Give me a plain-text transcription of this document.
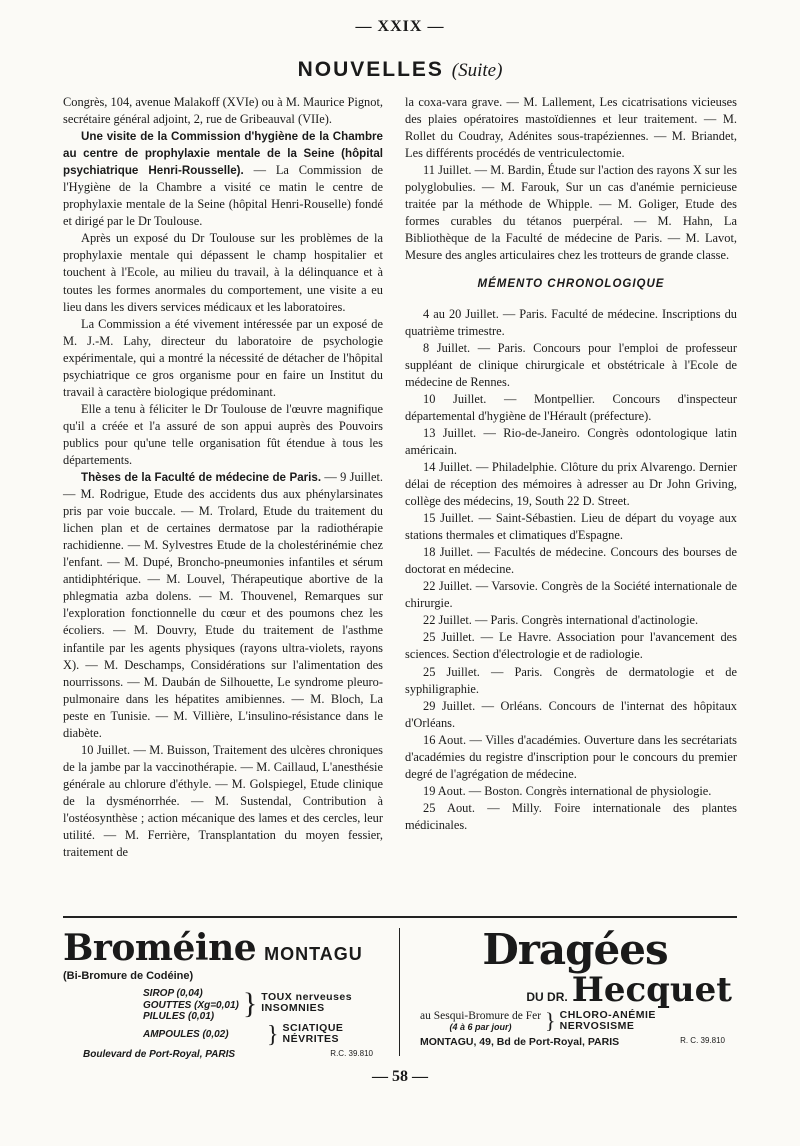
— XXIX —
NOUVELLES (Suite)

Congrès, 104, avenue Malakoff (XVIe) ou à M. Maurice Pignot, secrétaire général adjoint, 2, rue de Gribeauval (VIIe).

Une visite de la Commission d'hygiène de la Chambre au centre de prophylaxie mentale de la Seine (hôpital psychiatrique Henri-Rousselle). — La Commission de l'Hygiène de la Chambre a visité ce matin le centre de prophylaxie mentale de la Seine (hôpital Henri-Rouselle) fondé et dirigé par le Dr Toulouse.

Après un exposé du Dr Toulouse sur les problèmes de la prophylaxie mentale qui dépassent le champ hospitalier et touchent à l'Ecole, au milieu du travail, à la délinquance et à toutes les formes anormales du comportement, une visite a eu lieu dans les divers services médicaux et les laboratoires.

La Commission a été vivement intéressée par un exposé de M. J.-M. Lahy, directeur du laboratoire de psychologie expérimentale, qui a montré la nécessité de détacher de l'hôpital psychiatrique ce gros organisme pour en faire un Institut du travail à caractère biologique prédominant.

Elle a tenu à féliciter le Dr Toulouse de l'œuvre magnifique qu'il a créée et l'a assuré de son appui auprès des Pouvoirs publics pour qu'une telle organisation fût étendue à tous les départements.

Thèses de la Faculté de médecine de Paris. — 9 Juillet. — M. Rodrigue, Etude des accidents dus aux phénylarsinates pris par voie buccale. — M. Trolard, Etude du traitement du lichen plan et de certaines dermatose par la radiothérapie rachidienne. — M. Sylvestres Etude de la cholestérinémie chez l'enfant. — M. Dupé, Broncho-pneumonies infantiles et sérum antidiphtérique. — M. Louvel, Thérapeutique abortive de la phlegmatia azba dolens. — M. Thouvenel, Remarques sur l'exploration fonctionnelle du cœur et des poumons chez les écoliers. — M. Douvry, Etude du traitement de l'asthme infantile par les agents physiques (rayons ultra-violets, rayons X). — M. Deschamps, Considérations sur l'alimentation des nourrissons. — M. Daubán de Silhouette, Le syndrome pleuro-pulmonaire dans les hépatites amibiennes. — M. Bloch, La peste en Tunisie. — M. Villière, L'insulino-résistance dans le diabète.

10 Juillet. — M. Buisson, Traitement des ulcères chroniques de la jambe par la vaccinothérapie. — M. Caillaud, L'anesthésie générale au chlorure d'éthyle. — M. Golspiegel, Etude clinique de la dysménorrhée. — M. Sustendal, Contribution à l'ostéosynthèse ; action mécanique des lames et des cercles, leur utilité. — M. Ferrière, Transplantation du moyen fessier, traitement de

la coxa-vara grave. — M. Lallement, Les cicatrisations vicieuses des plaies opératoires mastoïdiennes et leur traitement. — M. Rollet du Coudray, Adénites sous-trapéziennes. — M. Briandet, Les différents procédés de ventriculectomie.

11 Juillet. — M. Bardin, Étude sur l'action des rayons X sur les polyglobulies. — M. Farouk, Sur un cas d'anémie pernicieuse traitée par la méthode de Whipple. — M. Goliger, Etude des formes curables du tétanos puerpéral. — M. Hahn, La Bibliothèque de la Faculté de médecine de Paris. — M. Lavot, Mesure des angles articulaires chez les trotteurs de grande classe.

MÉMENTO CHRONOLOGIQUE

4 au 20 Juillet. — Paris. Faculté de médecine. Inscriptions du quatrième trimestre.

8 Juillet. — Paris. Concours pour l'emploi de professeur suppléant de clinique chirurgicale et obstétricale à l'Ecole de médecine de Rennes.

10 Juillet. — Montpellier. Concours d'inspecteur départemental d'hygiène de l'Hérault (préfecture).

13 Juillet. — Rio-de-Janeiro. Congrès odontologique latin américain.

14 Juillet. — Philadelphie. Clôture du prix Alvarengo. Dernier délai de réception des mémoires à adresser au Dr John Griving, collège des médecins, 19, South 22 D. Street.

15 Juillet. — Saint-Sébastien. Lieu de départ du voyage aux stations thermales et climatiques d'Espagne.

18 Juillet. — Facultés de médecine. Concours des bourses de doctorat en médecine.

22 Juillet. — Varsovie. Congrès de la Société internationale de chirurgie.

22 Juillet. — Paris. Congrès international d'actinologie.

25 Juillet. — Le Havre. Association pour l'avancement des sciences. Section d'électrologie et de radiologie.

25 Juillet. — Paris. Congrès de dermatologie et de syphiligraphie.

29 Juillet. — Orléans. Concours de l'internat des hôpitaux d'Orléans.

16 Aout. — Villes d'académies. Ouverture dans les secrétariats d'académies du registre d'inscription pour le concours du premier degré de l'agrégation de médecine.

19 Aout. — Boston. Congrès international de physiologie.

25 Aout. — Milly. Foire internationale des plantes médicinales.

Broméine MONTAGU
(Bi-Bromure de Codéine)
SIROP (0,04)
GOUTTES (Xg=0,01)
PILULES (0,01) } TOUX nerveuses
INSOMNIES
AMPOULES (0,02)	} SCIATIQUE
NÉVRITES
Boulevard de Port-Royal, PARIS	R.C. 39.810
Dragées
DU DR. Hecquet
au Sesqui-Bromure de Fer
(4 à 6 par jour)	} CHLORO-ANÉMIE
NERVOSISME
MONTAGU, 49, Bd de Port-Royal, PARIS	R. C. 39.810
— 58 —
